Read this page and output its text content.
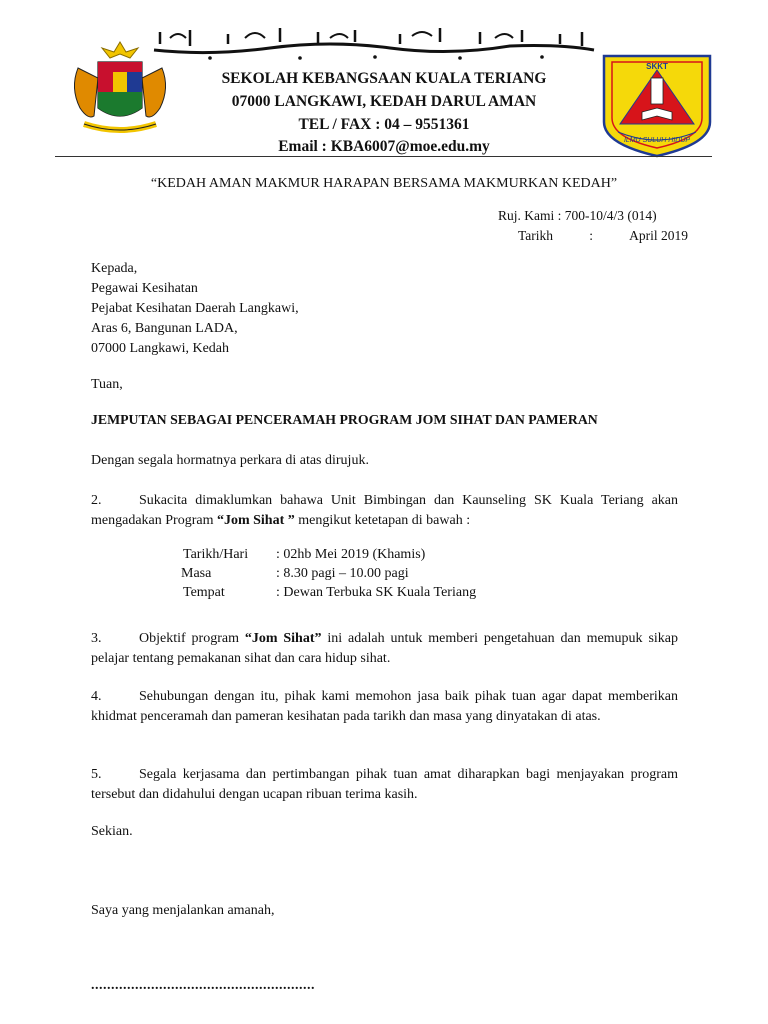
SEKOLAH KEBANGSAAN KUALA TERIANG
07000 LANGKAWI, KEDAH DARUL AMAN
TEL / FAX : 04 – 9551361
Email : KBA6007@moe.edu.my
SKKT
ILMU SULUH HIDUP
“KEDAH AMAN MAKMUR HARAPAN BERSAMA MAKMURKAN KEDAH”
Ruj. Kami : 700-10/4/3 (014)
Tarikh	:	April 2019
Kepada,
Pegawai Kesihatan
Pejabat Kesihatan Daerah Langkawi,
Aras 6, Bangunan LADA,
07000 Langkawi, Kedah
Tuan,
JEMPUTAN SEBAGAI PENCERAMAH PROGRAM JOM SIHAT DAN PAMERAN
Dengan segala hormatnya perkara di atas dirujuk.
2.	Sukacita dimaklumkan bahawa Unit Bimbingan dan Kaunseling SK Kuala Teriang akan mengadakan Program “Jom Sihat ” mengikut ketetapan di bawah :
Tarikh/Hari	: 02hb Mei 2019 (Khamis)
Masa	: 8.30 pagi – 10.00 pagi
Tempat	: Dewan Terbuka SK Kuala Teriang
3.	Objektif program “Jom Sihat” ini adalah untuk memberi pengetahuan dan memupuk sikap pelajar tentang pemakanan sihat dan cara hidup sihat.
4.	Sehubungan dengan itu, pihak kami memohon jasa baik pihak tuan agar dapat memberikan khidmat penceramah dan pameran kesihatan pada tarikh dan masa yang dinyatakan di atas.
5.	Segala kerjasama dan pertimbangan pihak tuan amat diharapkan bagi menjayakan program tersebut dan didahului dengan ucapan ribuan terima kasih.
Sekian.
Saya yang menjalankan amanah,
........................................................
